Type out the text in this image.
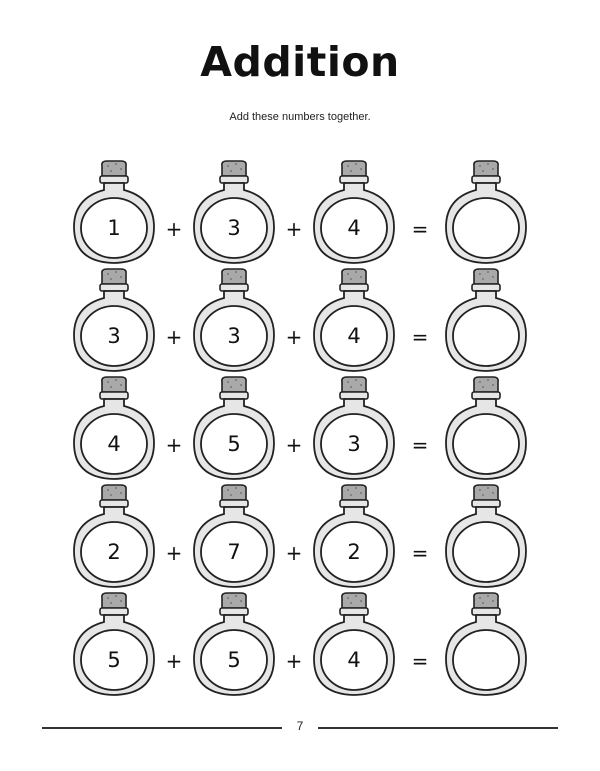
Addition
Add these numbers together.
1	+	3	+	4	=
3	+	3	+	4	=
4	+	5	+	3	=
2	+	7	+	2	=
5	+	5	+	4	=
7
